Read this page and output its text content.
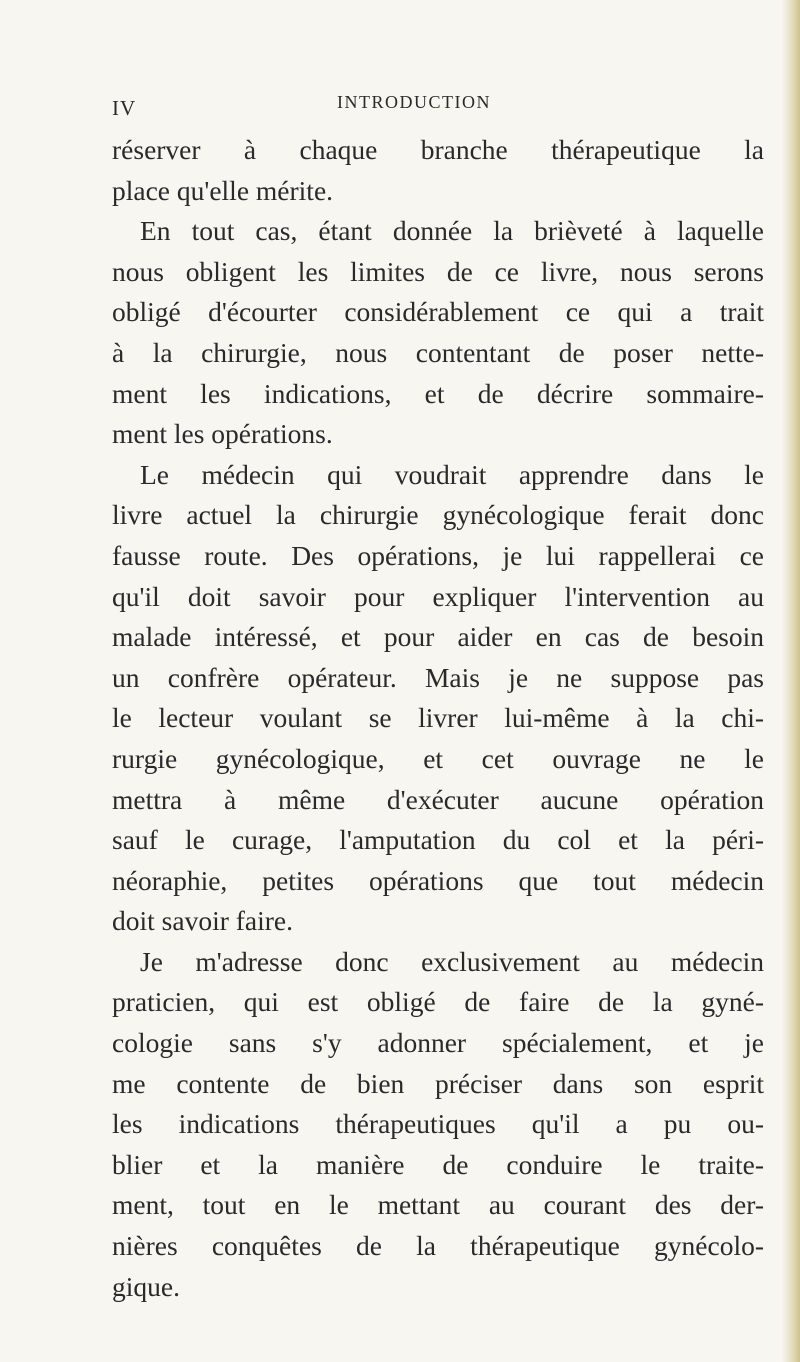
IV	INTRODUCTION
réserver à chaque branche thérapeutique la
place qu'elle mérite.
En tout cas, étant donnée la brièveté à laquelle
nous obligent les limites de ce livre, nous serons
obligé d'écourter considérablement ce qui a trait
à la chirurgie, nous contentant de poser nette-
ment les indications, et de décrire sommaire-
ment les opérations.
Le médecin qui voudrait apprendre dans le
livre actuel la chirurgie gynécologique ferait donc
fausse route. Des opérations, je lui rappellerai ce
qu'il doit savoir pour expliquer l'intervention au
malade intéressé, et pour aider en cas de besoin
un confrère opérateur. Mais je ne suppose pas
le lecteur voulant se livrer lui-même à la chi-
rurgie gynécologique, et cet ouvrage ne le
mettra à même d'exécuter aucune opération
sauf le curage, l'amputation du col et la péri-
néoraphie, petites opérations que tout médecin
doit savoir faire.
Je m'adresse donc exclusivement au médecin
praticien, qui est obligé de faire de la gyné-
cologie sans s'y adonner spécialement, et je
me contente de bien préciser dans son esprit
les indications thérapeutiques qu'il a pu ou-
blier et la manière de conduire le traite-
ment, tout en le mettant au courant des der-
nières conquêtes de la thérapeutique gynécolo-
gique.
